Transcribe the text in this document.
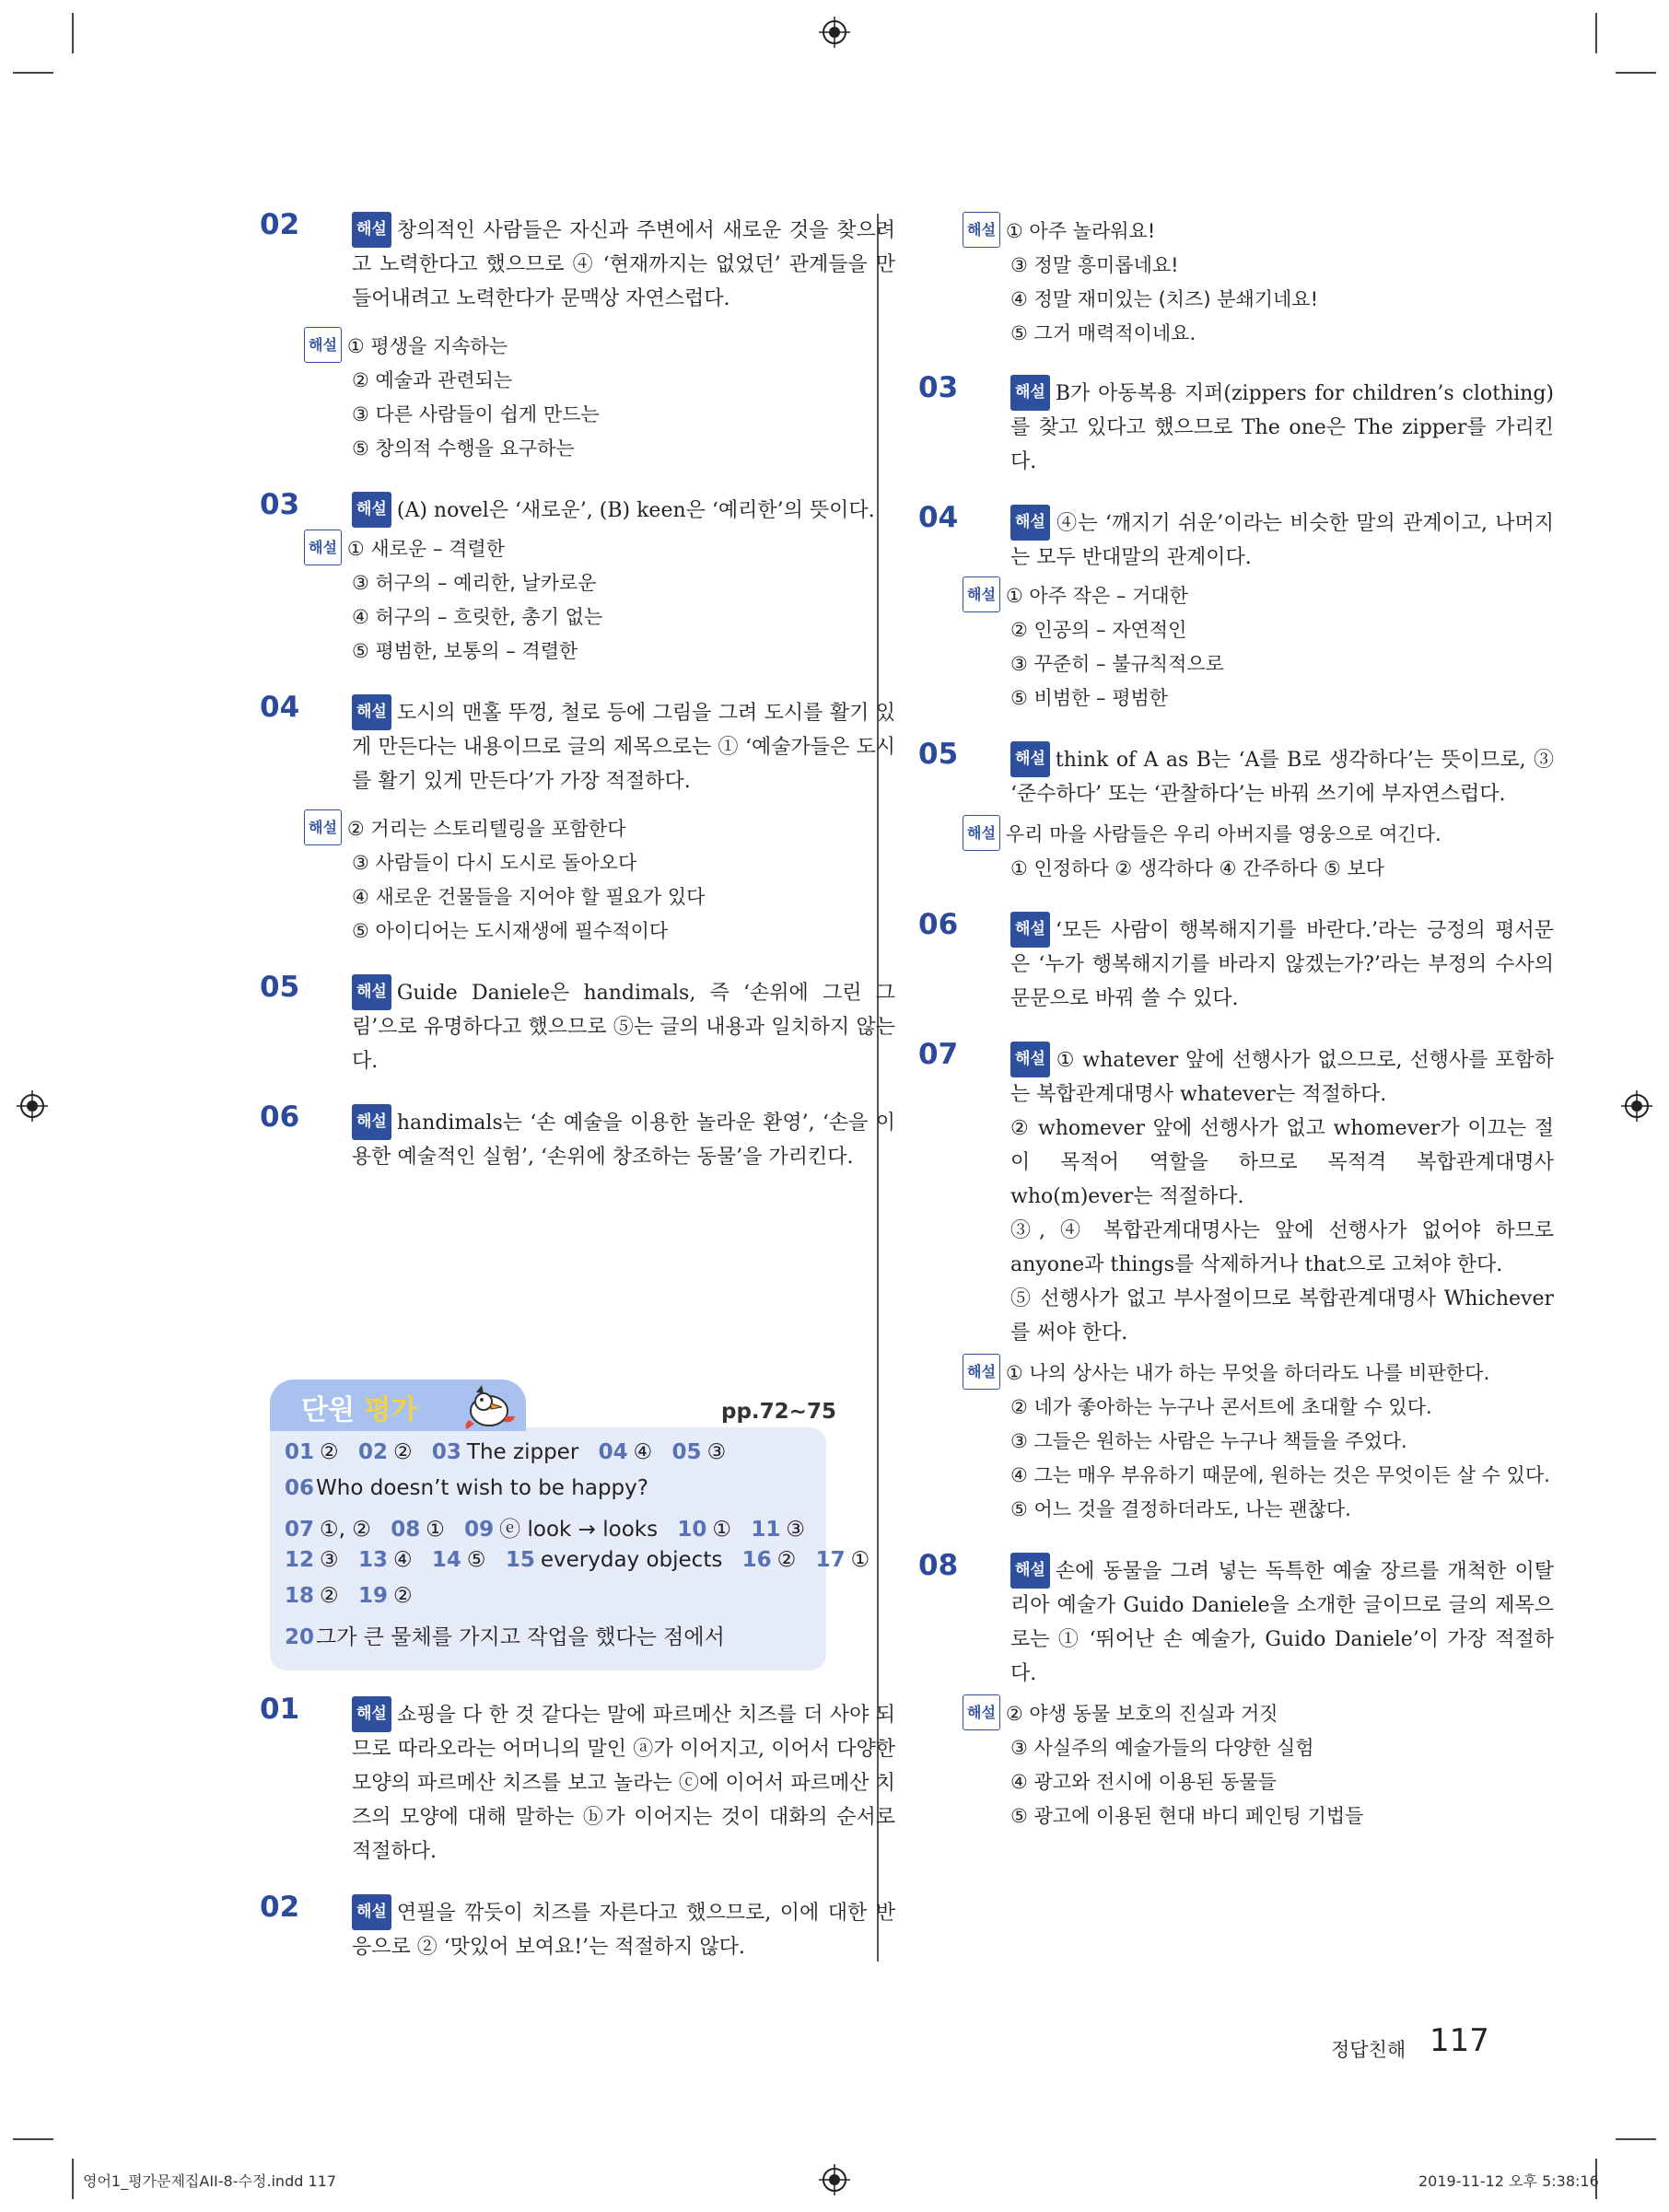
02	해설 창의적인 사람들은 자신과 주변에서 새로운 것을 찾으려고 노력한다고 했으므로 ④ ‘현재까지는 없었던’ 관계들을 만들어내려고 노력한다가 문맥상 자연스럽다.
해설 ① 평생을 지속하는
② 예술과 관련되는
③ 다른 사람들이 쉽게 만드는
⑤ 창의적 수행을 요구하는
03	해설 (A) novel은 ‘새로운’, (B) keen은 ‘예리한’의 뜻이다.
해설 ① 새로운 – 격렬한
③ 허구의 – 예리한, 날카로운
④ 허구의 – 흐릿한, 총기 없는
⑤ 평범한, 보통의 – 격렬한
04	해설 도시의 맨홀 뚜껑, 철로 등에 그림을 그려 도시를 활기 있게 만든다는 내용이므로 글의 제목으로는 ① ‘예술가들은 도시를 활기 있게 만든다’가 가장 적절하다.
해설 ② 거리는 스토리텔링을 포함한다
③ 사람들이 다시 도시로 돌아오다
④ 새로운 건물들을 지어야 할 필요가 있다
⑤ 아이디어는 도시재생에 필수적이다
05	해설 Guide Daniele은 handimals, 즉 ‘손위에 그린 그림’으로 유명하다고 했으므로 ⑤는 글의 내용과 일치하지 않는다.
06	해설 handimals는 ‘손 예술을 이용한 놀라운 환영’, ‘손을 이용한 예술적인 실험’, ‘손위에 창조하는 동물’을 가리킨다.
01 ② 02 ② 03 The zipper 04 ④ 05 ③
06Who doesn’t wish to be happy?
07 ①, ② 08 ① 09 ⓔ look → looks 10 ① 11 ③
12 ③ 13 ④ 14 ⑤ 15 everyday objects 16 ② 17 ①
18 ② 19 ②
20그가 큰 물체를 가지고 작업을 했다는 점에서
단원 평가	pp.72~75
01	해설 쇼핑을 다 한 것 같다는 말에 파르메산 치즈를 더 사야 되므로 따라오라는 어머니의 말인 ⓐ가 이어지고, 이어서 다양한 모양의 파르메산 치즈를 보고 놀라는 ⓒ에 이어서 파르메산 치즈의 모양에 대해 말하는 ⓑ가 이어지는 것이 대화의 순서로 적절하다.
02	해설 연필을 깎듯이 치즈를 자른다고 했으므로, 이에 대한 반응으로 ② ‘맛있어 보여요!’는 적절하지 않다.
해설 ① 아주 놀라워요!
③ 정말 흥미롭네요!
④ 정말 재미있는 (치즈) 분쇄기네요!
⑤ 그거 매력적이네요.
03	해설 B가 아동복용 지퍼(zippers for children’s clothing)를 찾고 있다고 했으므로 The one은 The zipper를 가리킨다.
04	해설 ④는 ‘깨지기 쉬운’이라는 비슷한 말의 관계이고, 나머지는 모두 반대말의 관계이다.
해설 ① 아주 작은 – 거대한
② 인공의 – 자연적인
③ 꾸준히 – 불규칙적으로
⑤ 비범한 – 평범한
05	해설 think of A as B는 ‘A를 B로 생각하다’는 뜻이므로, ③ ‘준수하다’ 또는 ‘관찰하다’는 바꿔 쓰기에 부자연스럽다.
해설 우리 마을 사람들은 우리 아버지를 영웅으로 여긴다.
① 인정하다 ② 생각하다 ④ 간주하다 ⑤ 보다
06	해설 ‘모든 사람이 행복해지기를 바란다.’라는 긍정의 평서문은 ‘누가 행복해지기를 바라지 않겠는가?’라는 부정의 수사의문문으로 바꿔 쓸 수 있다.
07	해설 ① whatever 앞에 선행사가 없으므로, 선행사를 포함하는 복합관계대명사 whatever는 적절하다.
② whomever 앞에 선행사가 없고 whomever가 이끄는 절이 목적어 역할을 하므로 목적격 복합관계대명사 who(m)ever는 적절하다.
③, ④ 복합관계대명사는 앞에 선행사가 없어야 하므로 anyone과 things를 삭제하거나 that으로 고쳐야 한다.
⑤ 선행사가 없고 부사절이므로 복합관계대명사 Whichever를 써야 한다.
해설 ① 나의 상사는 내가 하는 무엇을 하더라도 나를 비판한다.
② 네가 좋아하는 누구나 콘서트에 초대할 수 있다.
③ 그들은 원하는 사람은 누구나 책들을 주었다.
④ 그는 매우 부유하기 때문에, 원하는 것은 무엇이든 살 수 있다.
⑤ 어느 것을 결정하더라도, 나는 괜찮다.
08	해설 손에 동물을 그려 넣는 독특한 예술 장르를 개척한 이탈리아 예술가 Guido Daniele을 소개한 글이므로 글의 제목으로는 ① ‘뛰어난 손 예술가, Guido Daniele’이 가장 적절하다.
해설 ② 야생 동물 보호의 진실과 거짓
③ 사실주의 예술가들의 다양한 실험
④ 광고와 전시에 이용된 동물들
⑤ 광고에 이용된 현대 바디 페인팅 기법들
정답친해 117
영어1_평가문제집AII-8-수정.indd 117	2019-11-12 오후 5:38:16
